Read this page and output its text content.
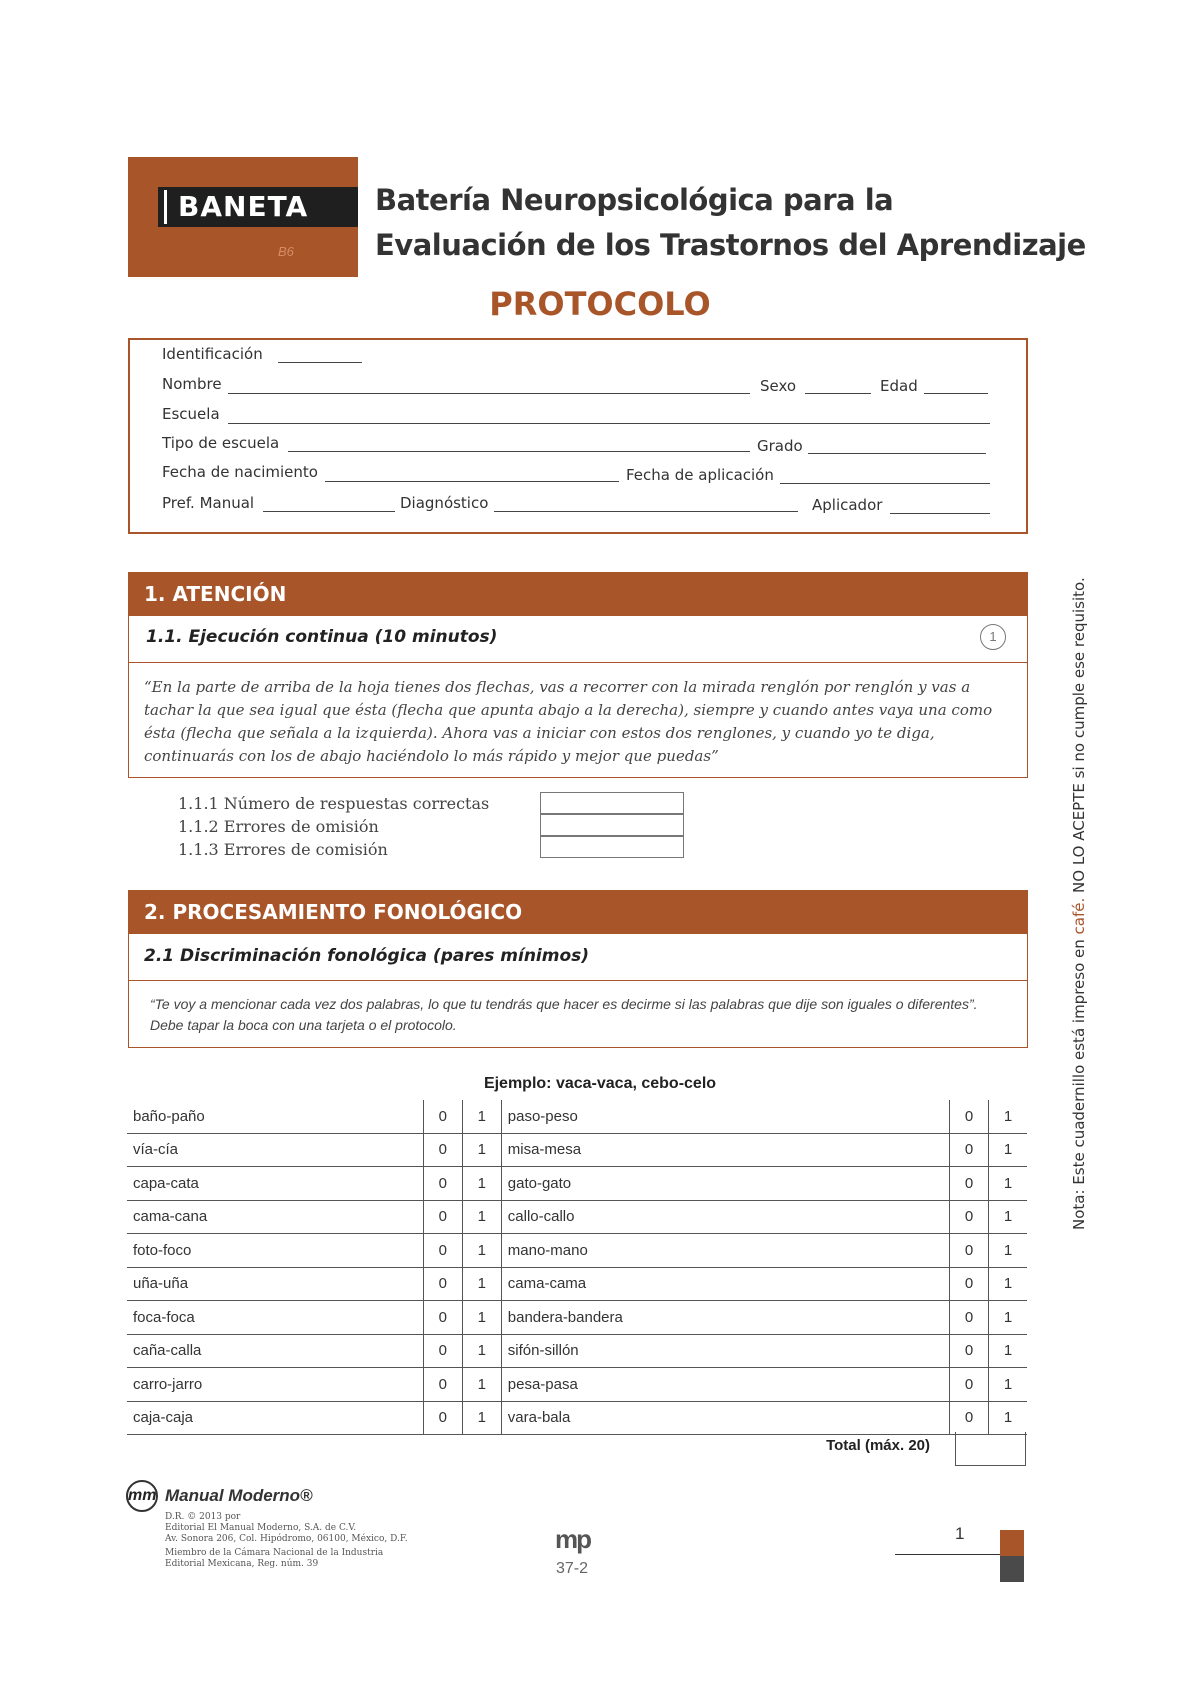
BANETA
B6
Batería Neuropsicológica para la
Evaluación de los Trastornos del Aprendizaje
PROTOCOLO
Identificación
Nombre	Sexo	Edad
Escuela
Tipo de escuela	Grado
Fecha de nacimiento	Fecha de aplicación
Pref. Manual	Diagnóstico	Aplicador
1. ATENCIÓN
1.1. Ejecución continua (10 minutos)	1
“En la parte de arriba de la hoja tienes dos flechas, vas a recorrer con la mirada renglón por renglón y vas a tachar la que sea igual que ésta (flecha que apunta abajo a la derecha), siempre y cuando antes vaya una como ésta (flecha que señala a la izquierda). Ahora vas a iniciar con estos dos renglones, y cuando yo te diga, continuarás con los de abajo haciéndolo lo más rápido y mejor que puedas”
1.1.1 Número de respuestas correctas
1.1.2 Errores de omisión
1.1.3 Errores de comisión
2. PROCESAMIENTO FONOLÓGICO
2.1 Discriminación fonológica (pares mínimos)
“Te voy a mencionar cada vez dos palabras, lo que tu tendrás que hacer es decirme si las palabras que dije son iguales o diferentes”. Debe tapar la boca con una tarjeta o el protocolo.
Ejemplo: vaca-vaca, cebo-celo
baño-paño	0	1	paso-peso	0	1
vía-cía	0	1	misa-mesa	0	1
capa-cata	0	1	gato-gato	0	1
cama-cana	0	1	callo-callo	0	1
foto-foco	0	1	mano-mano	0	1
uña-uña	0	1	cama-cama	0	1
foca-foca	0	1	bandera-bandera	0	1
caña-calla	0	1	sifón-sillón	0	1
carro-jarro	0	1	pesa-pasa	0	1
caja-caja	0	1	vara-bala	0	1
Total (máx. 20)
mm Manual Moderno®
D.R. © 2013 por
Editorial El Manual Moderno, S.A. de C.V.
Av. Sonora 206, Col. Hipódromo, 06100, México, D.F.
Miembro de la Cámara Nacional de la Industria
Editorial Mexicana, Reg. núm. 39
mp
37-2
1
Nota: Este cuadernillo está impreso en café. NO LO ACEPTE si no cumple ese requisito.
